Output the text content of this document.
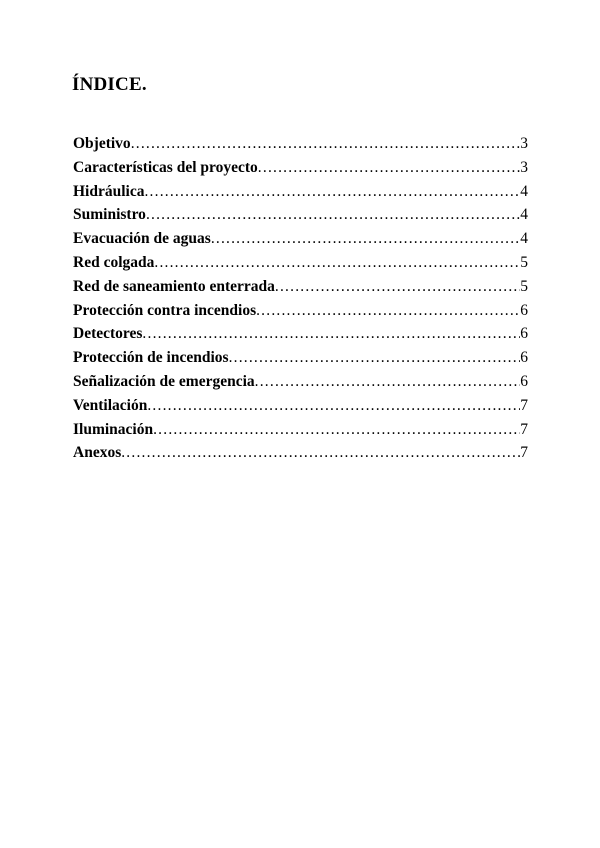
ÍNDICE.
Objetivo .....	3
Características del proyecto .....	3
Hidráulica .....	4
Suministro .....	4
Evacuación de aguas .....	4
Red colgada .....	5
Red de saneamiento enterrada .....	5
Protección contra incendios .....	6
Detectores .....	6
Protección de incendios .....	6
Señalización de emergencia .....	6
Ventilación .....	7
Iluminación .....	7
Anexos .....	7
